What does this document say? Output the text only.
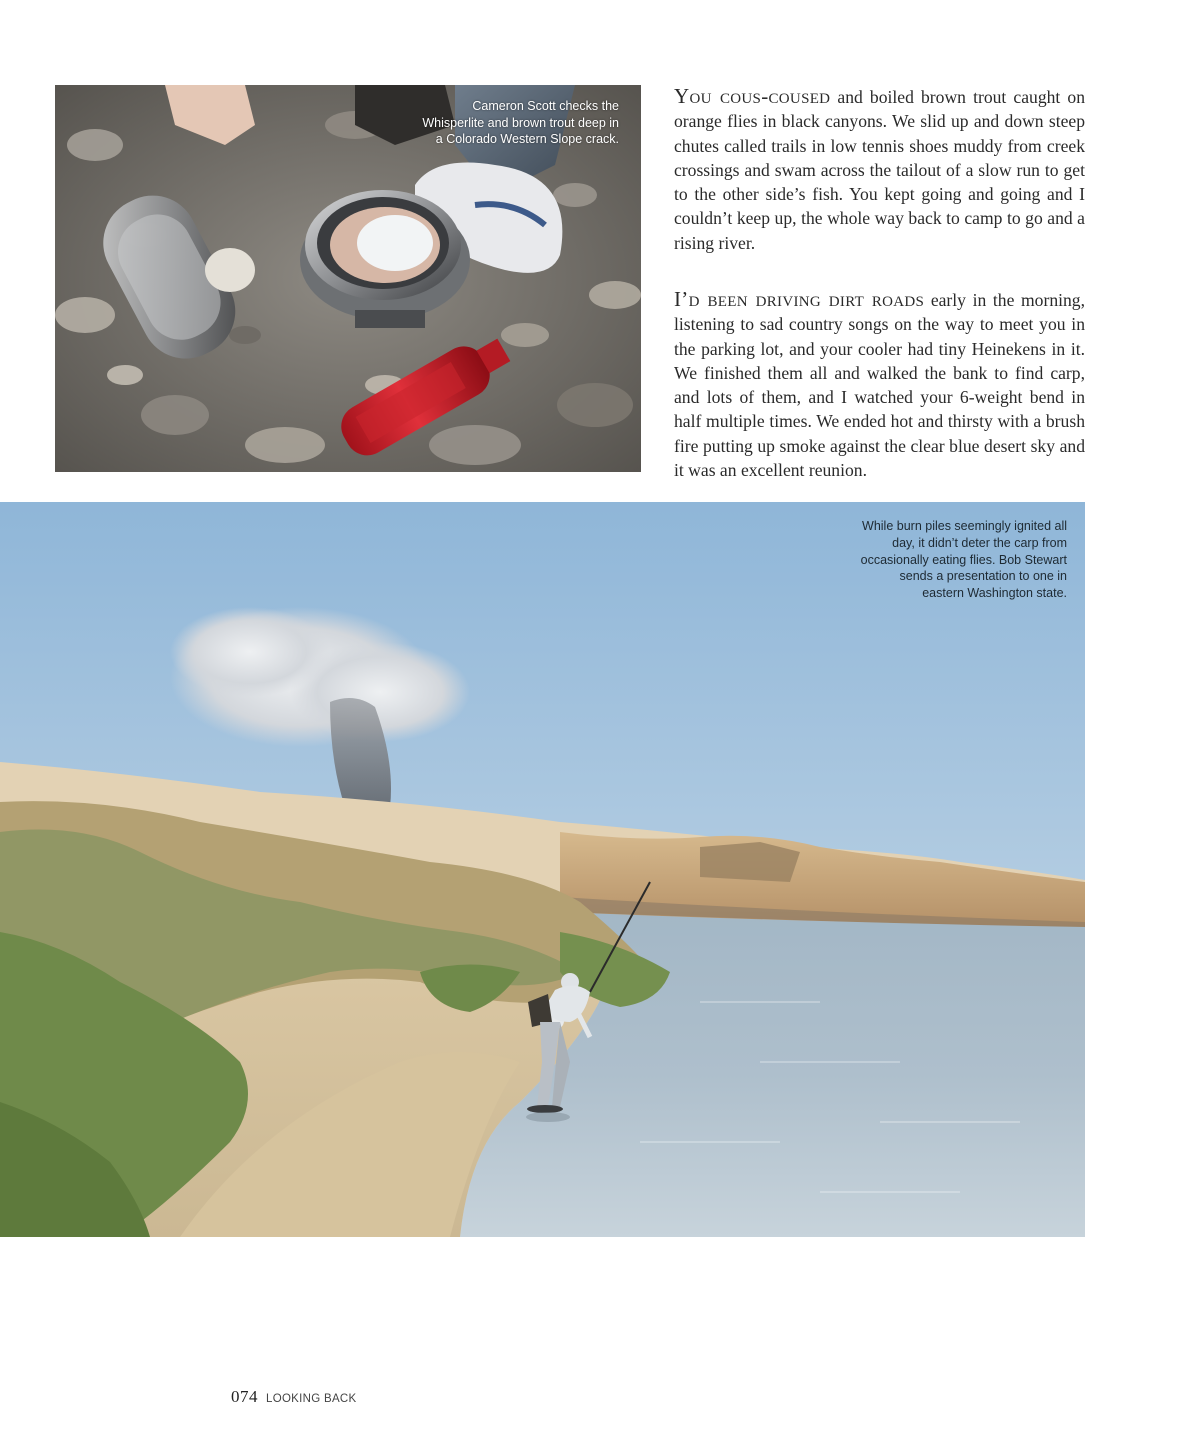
Cameron Scott checks the Whisperlite and brown trout deep in a Colorado Western Slope crack.

You cous-coused and boiled brown trout caught on orange flies in black canyons. We slid up and down steep chutes called trails in low tennis shoes muddy from creek crossings and swam across the tailout of a slow run to get to the other side’s fish. You kept going and going and I couldn’t keep up, the whole way back to camp to go and a rising river.

I’d been driving dirt roads early in the morning, listening to sad country songs on the way to meet you in the parking lot, and your cooler had tiny Heinekens in it. We finished them all and walked the bank to find carp, and lots of them, and I watched your 6-weight bend in half multiple times. We ended hot and thirsty with a brush fire putting up smoke against the clear blue desert sky and it was an excellent reunion.

While burn piles seemingly ignited all day, it didn’t deter the carp from occasionally eating flies. Bob Stewart sends a presentation to one in eastern Washington state.
074 LOOKING BACK
